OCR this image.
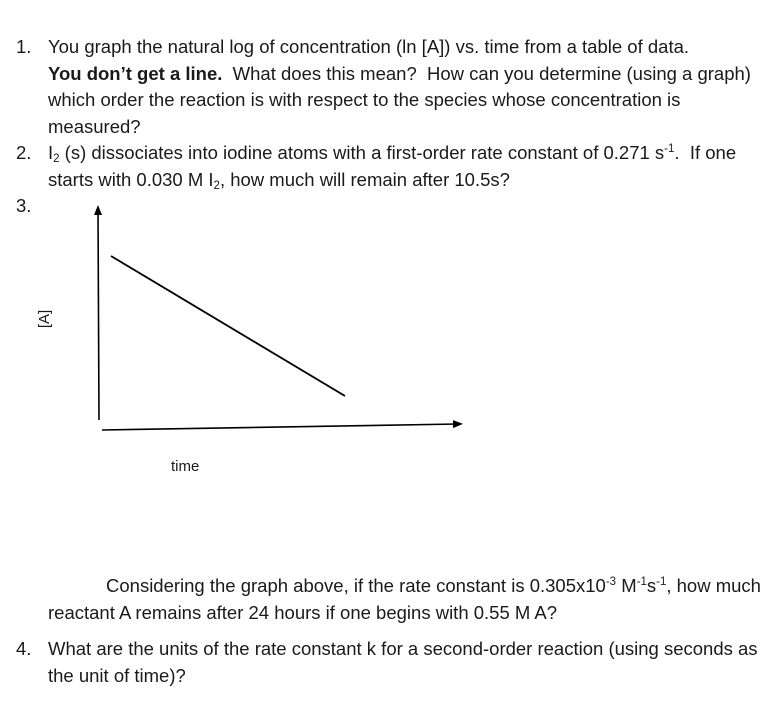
1. You graph the natural log of concentration (ln [A]) vs. time from a table of data.
You don’t get a line.  What does this mean?  How can you determine (using a graph) which order the reaction is with respect to the species whose concentration is measured?
2. $I_2$ (s) dissociates into iodine atoms with a first-order rate constant of 0.271 $s^{-1}$.  If one starts with 0.030 M $I_2$, how much will remain after 10.5s?
3.
[A]
time
Considering the graph above, if the rate constant is $0.305x10^{-3}$ $M^{-1}s^{-1}$, how much reactant A remains after 24 hours if one begins with 0.55 M A?
4. What are the units of the rate constant k for a second-order reaction (using seconds as the unit of time)?
